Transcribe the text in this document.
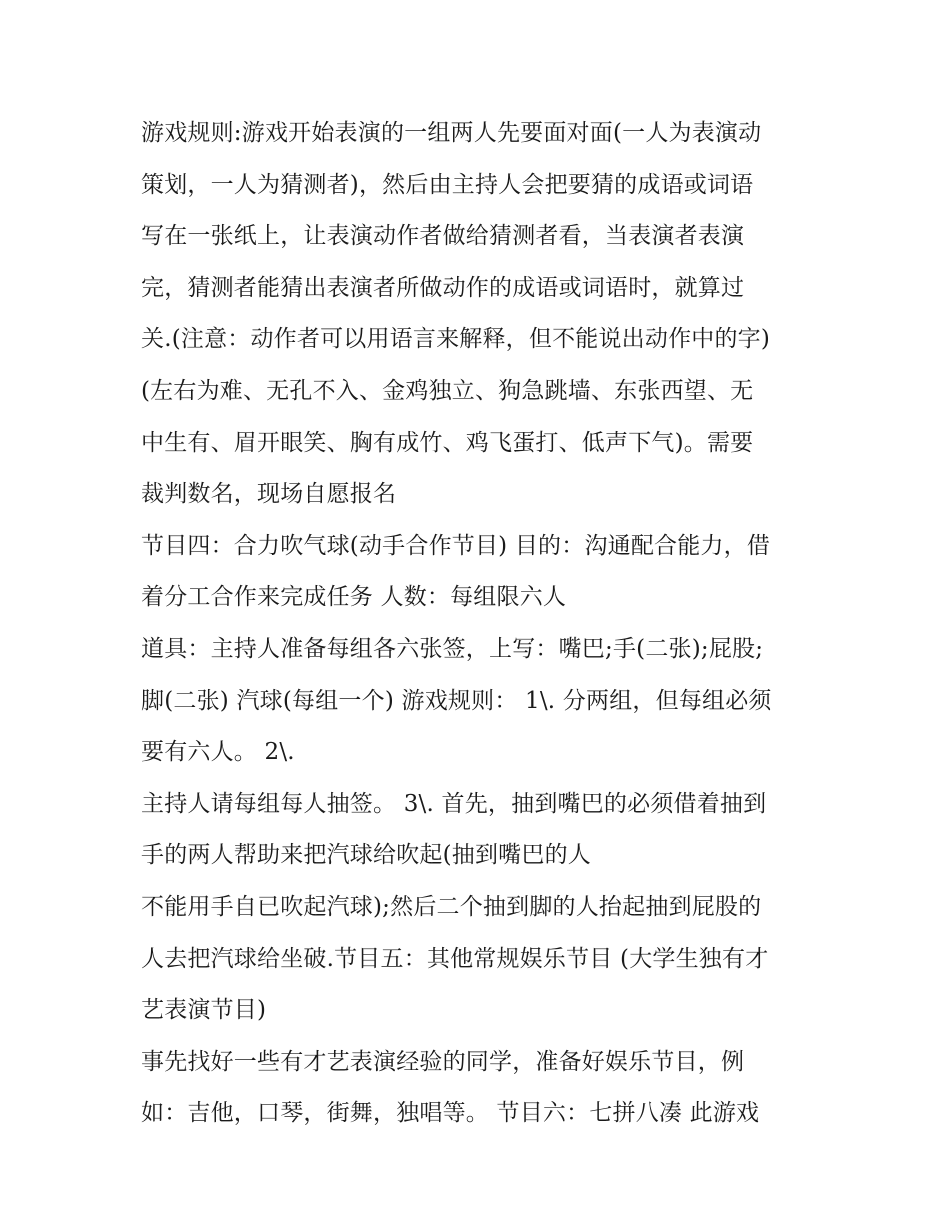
游戏规则:游戏开始表演的一组两人先要面对面(一人为表演动
策划，一人为猜测者)，然后由主持人会把要猜的成语或词语
写在一张纸上，让表演动作者做给猜测者看，当表演者表演
完，猜测者能猜出表演者所做动作的成语或词语时，就算过
关.(注意：动作者可以用语言来解释，但不能说出动作中的字)
(左右为难、无孔不入、金鸡独立、狗急跳墙、东张西望、无
中生有、眉开眼笑、胸有成竹、鸡飞蛋打、低声下气)。需要
裁判数名，现场自愿报名
节目四：合力吹气球(动手合作节目) 目的：沟通配合能力，借
着分工合作来完成任务 人数：每组限六人
道具：主持人准备每组各六张签，上写：嘴巴;手(二张);屁股;
脚(二张) 汽球(每组一个) 游戏规则： 1\. 分两组，但每组必须
要有六人。 2\.
主持人请每组每人抽签。 3\. 首先，抽到嘴巴的必须借着抽到
手的两人帮助来把汽球给吹起(抽到嘴巴的人
不能用手自已吹起汽球);然后二个抽到脚的人抬起抽到屁股的
人去把汽球给坐破.节目五：其他常规娱乐节目 (大学生独有才
艺表演节目)
事先找好一些有才艺表演经验的同学，准备好娱乐节目，例
如：吉他，口琴，街舞，独唱等。 节目六：七拼八凑 此游戏
